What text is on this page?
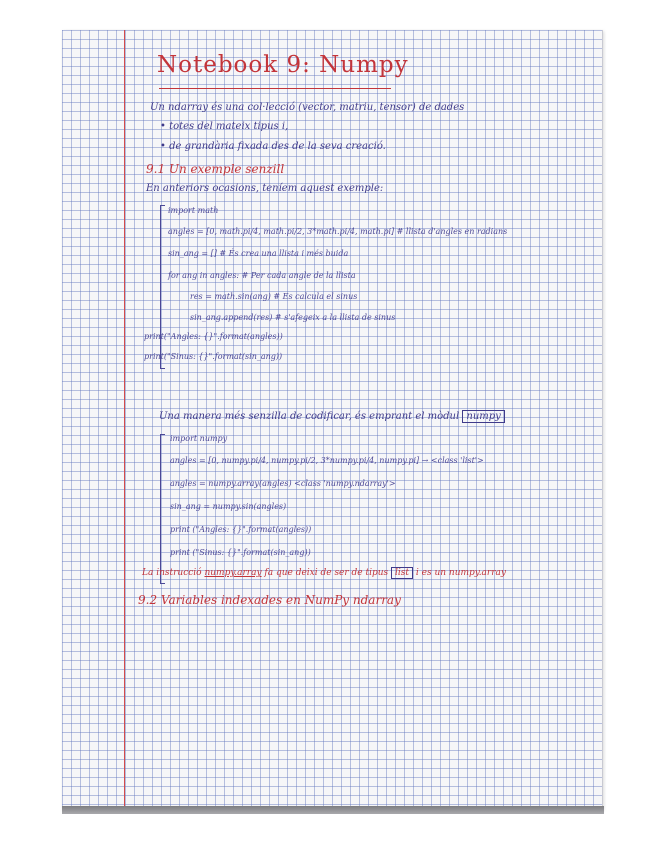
Notebook 9: Numpy
Un ndarray és una col·lecció (vector, matriu, tensor) de dades
• totes del mateix tipus i,
• de grandària fixada des de la seva creació.
9.1 Un exemple senzill
En anteriors ocasions, teníem aquest exemple:
import math
angles = [0, math.pi/4, math.pi/2, 3*math.pi/4, math.pi] # llista d'angles en radians
sin_ang = [] # És crea una llista i més buida
for ang in angles: # Per cada angle de la llista
res = math.sin(ang) # Es calcula el sinus
sin_ang.append(res) # s'afegeix a la llista de sinus
print("Angles: {}".format(angles))
print("Sinus: {}".format(sin_ang))
Una manera més senzilla de codificar, és emprant el mòdul numpy
import numpy
angles = [0, numpy.pi/4, numpy.pi/2, 3*numpy.pi/4, numpy.pi] → <class 'list'>
angles = numpy.array(angles) <class 'numpy.ndarray'>
sin_ang = numpy.sin(angles)
print ("Angles: {}".format(angles))
print ("Sinus: {}".format(sin_ang))
La instrucció numpy.array fa que deixi de ser de tipus list i es un numpy.array
9.2 Variables indexades en NumPy ndarray
